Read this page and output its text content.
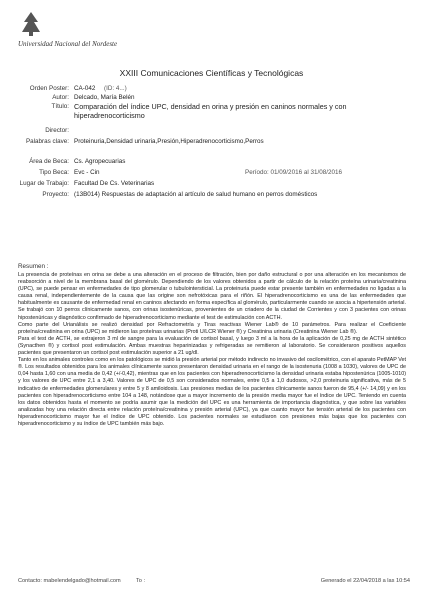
Universidad Nacional del Nordeste
XXIII Comunicaciones Científicas y Tecnológicas
Orden Poster: CA-042 (ID: 4...)
Autor: Delcado, María Belén
Título: Comparación del índice UPC, densidad en orina y presión en caninos normales y con hiperadrenocorticismo
Director:
Palabras clave: Proteinuria,Densidad urinaria,Presión,Hiperadrenocorticismo,Perros
Área de Beca: Cs. Agropecuarias
Tipo Beca: Evc - Cin	Período: 01/09/2016 al 31/08/2016
Lugar de Trabajo: Facultad De Cs. Veterinarias
Proyecto: (13B014) Respuestas de adaptación al artículo de salud humano en perros domésticos
Resumen :

La presencia de proteínas en orina se debe a una alteración en el proceso de filtración, bien por daño estructural o por una alteración en los mecanismos de reabsorción a nivel de la membrana basal del glomérulo. Dependiendo de los valores obtenidos a partir de cálculo de la relación proteína urinaria/creatinina (UPC), se puede pensar en enfermedades de tipo glomerular o tubulointersticial. La proteinuria puede estar presente también en enfermedades no ligadas a la causa renal, independientemente de la causa que las origine son nefrotóxicas para el riñón. El hiperadrenocorticismo es una de las enfermedades que habitualmente es causante de enfermedad renal en caninos afectando en forma específica al glomérulo, particularmente cuando se asocia a hipertensión arterial. Se trabajó con 10 perros clínicamente sanos, con orinas isostenúricas, provenientes de un criadero de la ciudad de Corrientes y con 3 pacientes con orinas hipostenúricas y diagnóstico confirmado de hiperadrenocorticismo mediante el test de estimulación con ACTH.

Como parte del Urianálisis se realizó densidad por Refractometría y Tiras reactivas Wiener Lab® de 10 parámetros. Para realizar el Coeficiente proteína/creatinina en orina (UPC) se midieron las proteínas urinarias (Proti U/LCR Wiener ®) y Creatinina urinaria (Creatinina Wiener Lab ®).

Para el test de ACTH, se extrajeron 3 ml de sangre para la evaluación de cortisol basal, y luego 3 ml a la hora de la aplicación de 0,25 mg de ACTH sintético (Synacthen ®) y cortisol post estimulación. Ambas muestras heparinizadas y refrigeradas se remitieron al laboratorio. Se consideraron positivos aquellos pacientes que presentaron un cortisol post estimulación superior a 21 ug/dl.

Tanto en los animales controles como en los patológicos se midió la presión arterial por método indirecto no invasivo del oscilométrico, con el aparato PetMAP Vet ®. Los resultados obtenidos para los animales clínicamente sanos presentaron densidad urinaria en el rango de la isostenuria (1008 a 1030), valores de UPC de 0,04 hasta 1,60 con una media de 0,42 (+/-0,42), mientras que en los pacientes con hiperadrenocorticismo la densidad urinaria estaba hipostenúrica (1005-1010) y los valores de UPC entre 2,1 a 3,40. Valores de UPC de 0,5 son considerados normales, entre 0,5 a 1,0 dudosos, >2,0 proteinuria significativa, más de 5 indicativo de enfermedades glomerulares y entre 5 y 8 amiloidosis. Las presiones medias de los pacientes clínicamente sanos fueron de 95,4 (+/- 14,09) y en los pacientes con hiperadrenocorticismo entre 104 a 148, notándose que a mayor incremento de la presión media mayor fue el índice de UPC. Teniendo en cuenta los datos obtenidos hasta el momento se podría asumir que la medición del UPC es una herramienta de importancia diagnóstica, y que sobre las variables analizadas hoy una relación directa entre relación proteína/creatinina y presión arterial (UPC), ya que cuanto mayor fue tensión arterial de los pacientes con hiperadrenocorticismo mayor fue el índice de UPC obtenido. Los pacientes normales se estudiaron con presiones más bajas que los pacientes con hiperadrenocorticismo y su índice de UPC también más bajo.

Contacto: mabelendelgado@hotmail.com	To :	Generado el 22/04/2018 a las 10:54
